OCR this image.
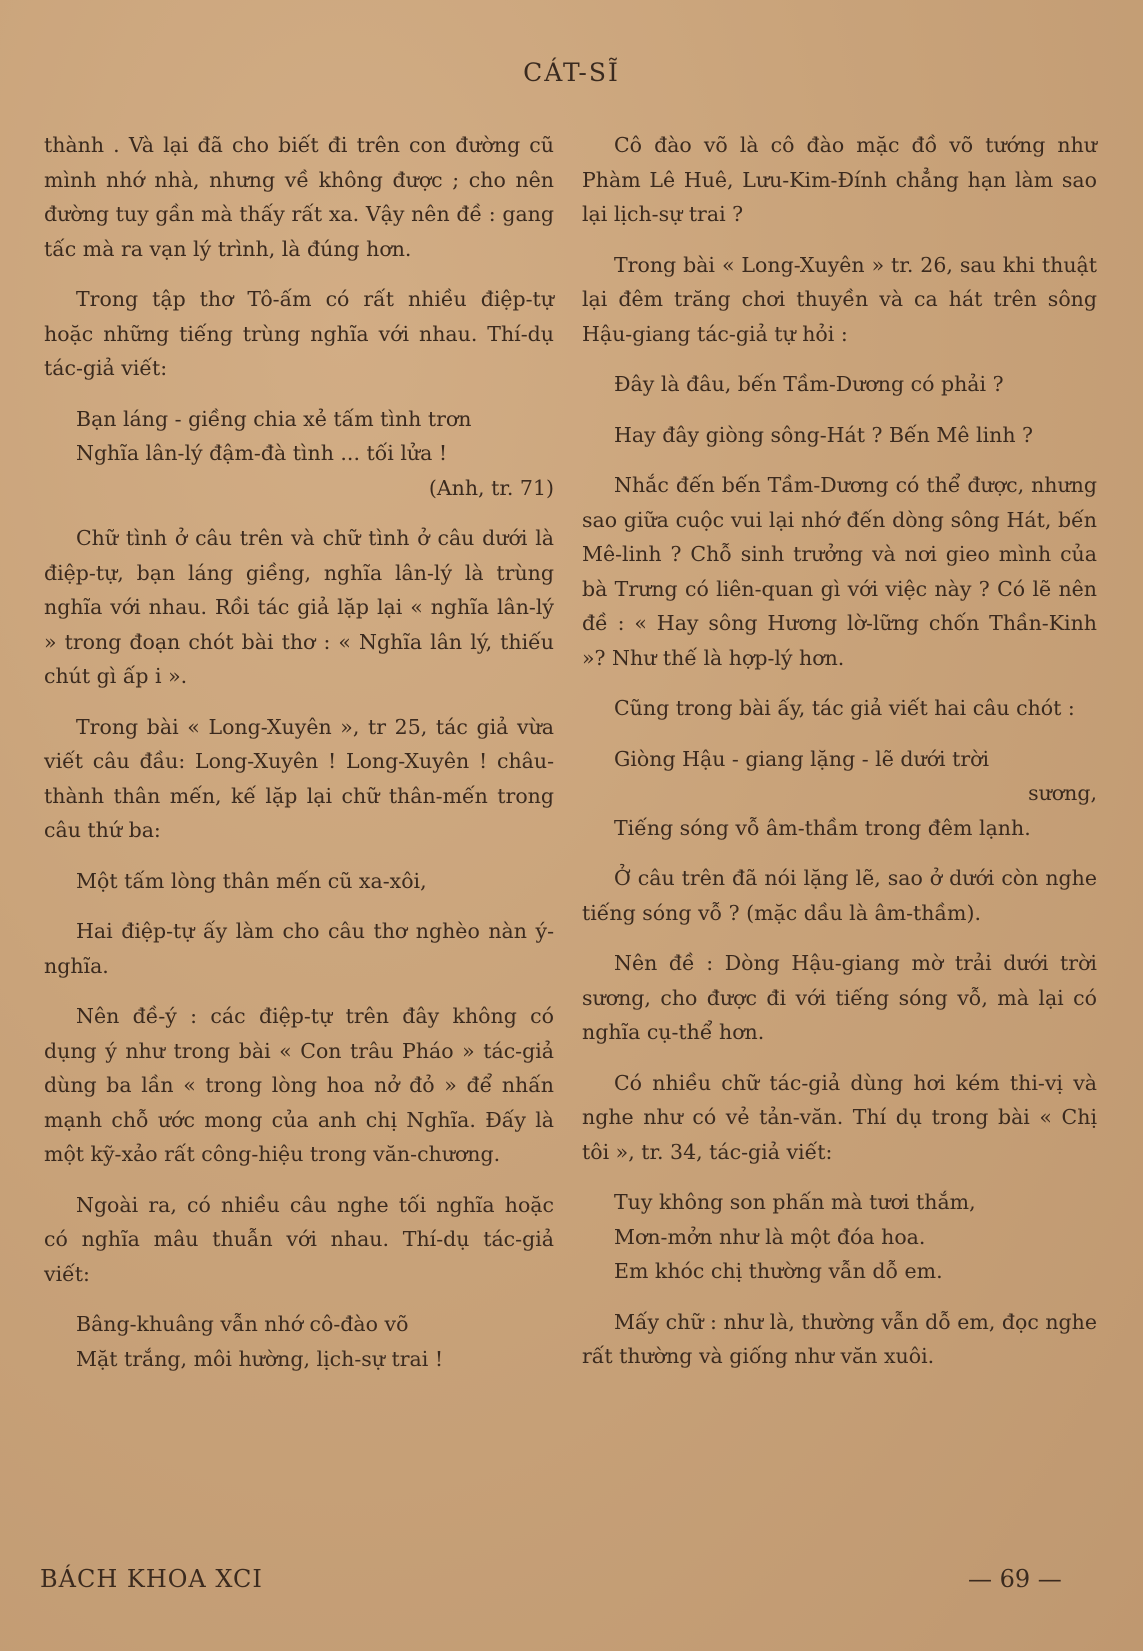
CÁT-SĨ

thành . Và lại đã cho biết đi trên con đường cũ mình nhớ nhà, nhưng về không được ; cho nên đường tuy gần mà thấy rất xa. Vậy nên đề : gang tấc mà ra vạn lý trình, là đúng hơn.

Trong tập thơ Tô-ấm có rất nhiều điệp-tự hoặc những tiếng trùng nghĩa với nhau. Thí-dụ tác-giả viết:

Bạn láng - giềng chia xẻ tấm tình trơn

Nghĩa lân-lý đậm-đà tình ... tối lửa !

(Anh, tr. 71)

Chữ tình ở câu trên và chữ tình ở câu dưới là điệp-tự, bạn láng giềng, nghĩa lân-lý là trùng nghĩa với nhau. Rồi tác giả lặp lại « nghĩa lân-lý » trong đoạn chót bài thơ : « Nghĩa lân lý, thiếu chút gì ấp i ».

Trong bài « Long-Xuyên », tr 25, tác giả vừa viết câu đầu: Long-Xuyên ! Long-Xuyên ! châu-thành thân mến, kế lặp lại chữ thân-mến trong câu thứ ba:

Một tấm lòng thân mến cũ xa-xôi,

Hai điệp-tự ấy làm cho câu thơ nghèo nàn ý-nghĩa.

Nên đề-ý : các điệp-tự trên đây không có dụng ý như trong bài « Con trâu Pháo » tác-giả dùng ba lần « trong lòng hoa nở đỏ » để nhấn mạnh chỗ ước mong của anh chị Nghĩa. Đấy là một kỹ-xảo rất công-hiệu trong văn-chương.

Ngoài ra, có nhiều câu nghe tối nghĩa hoặc có nghĩa mâu thuẫn với nhau. Thí-dụ tác-giả viết:

Bâng-khuâng vẫn nhớ cô-đào võ

Mặt trắng, môi hường, lịch-sự trai !

Cô đào võ là cô đào mặc đồ võ tướng như Phàm Lê Huê, Lưu-Kim-Đính chẳng hạn làm sao lại lịch-sự trai ?

Trong bài « Long-Xuyên » tr. 26, sau khi thuật lại đêm trăng chơi thuyền và ca hát trên sông Hậu-giang tác-giả tự hỏi :

Đây là đâu, bến Tầm-Dương có phải ?

Hay đây giòng sông-Hát ? Bến Mê linh ?

Nhắc đến bến Tầm-Dương có thể được, nhưng sao giữa cuộc vui lại nhớ đến dòng sông Hát, bến Mê-linh ? Chỗ sinh trưởng và nơi gieo mình của bà Trưng có liên-quan gì với việc này ? Có lẽ nên đề : « Hay sông Hương lờ-lững chốn Thần-Kinh »? Như thế là hợp-lý hơn.

Cũng trong bài ấy, tác giả viết hai câu chót :

Giòng Hậu - giang lặng - lẽ dưới trời

sương,

Tiếng sóng vỗ âm-thầm trong đêm lạnh.

Ở câu trên đã nói lặng lẽ, sao ở dưới còn nghe tiếng sóng vỗ ? (mặc dầu là âm-thầm).

Nên đề : Dòng Hậu-giang mờ trải dưới trời sương, cho được đi với tiếng sóng vỗ, mà lại có nghĩa cụ-thể hơn.

Có nhiều chữ tác-giả dùng hơi kém thi-vị và nghe như có vẻ tản-văn. Thí dụ trong bài « Chị tôi », tr. 34, tác-giả viết:

Tuy không son phấn mà tươi thắm,

Mơn-mởn như là một đóa hoa.

Em khóc chị thường vẫn dỗ em.

Mấy chữ : như là, thường vẫn dỗ em, đọc nghe rất thường và giống như văn xuôi.

BÁCH KHOA XCI	— 69 —
